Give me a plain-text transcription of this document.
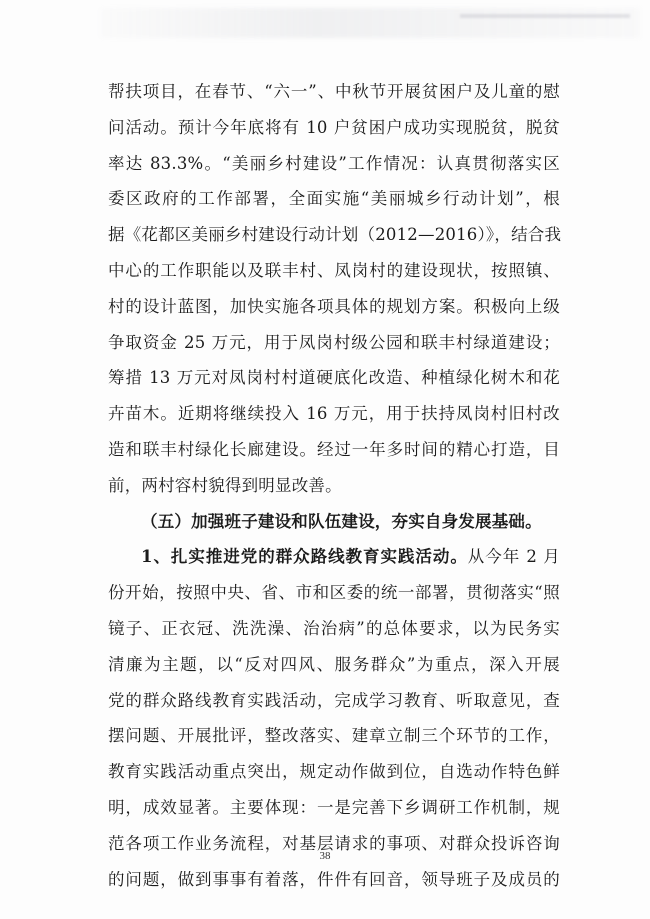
帮扶项目，在春节、“六一”、中秋节开展贫困户及儿童的慰
问活动。预计今年底将有 10 户贫困户成功实现脱贫，脱贫
率达 83.3%。“美丽乡村建设”工作情况：认真贯彻落实区
委区政府的工作部署，全面实施“美丽城乡行动计划”，根
据《花都区美丽乡村建设行动计划（2012—2016）》，结合我
中心的工作职能以及联丰村、凤岗村的建设现状，按照镇、
村的设计蓝图，加快实施各项具体的规划方案。积极向上级
争取资金 25 万元，用于凤岗村级公园和联丰村绿道建设；
筹措 13 万元对凤岗村村道硬底化改造、种植绿化树木和花
卉苗木。近期将继续投入 16 万元，用于扶持凤岗村旧村改
造和联丰村绿化长廊建设。经过一年多时间的精心打造，目
前，两村容村貌得到明显改善。
（五）加强班子建设和队伍建设，夯实自身发展基础。
1、扎实推进党的群众路线教育实践活动。从今年 2 月
份开始，按照中央、省、市和区委的统一部署，贯彻落实“照
镜子、正衣冠、洗洗澡、治治病”的总体要求，以为民务实
清廉为主题，以“反对四风、服务群众”为重点，深入开展
党的群众路线教育实践活动，完成学习教育、听取意见，查
摆问题、开展批评，整改落实、建章立制三个环节的工作，
教育实践活动重点突出，规定动作做到位，自选动作特色鲜
明，成效显著。主要体现：一是完善下乡调研工作机制，规
范各项工作业务流程，对基层请求的事项、对群众投诉咨询
的问题，做到事事有着落，件件有回音，领导班子及成员的
38
